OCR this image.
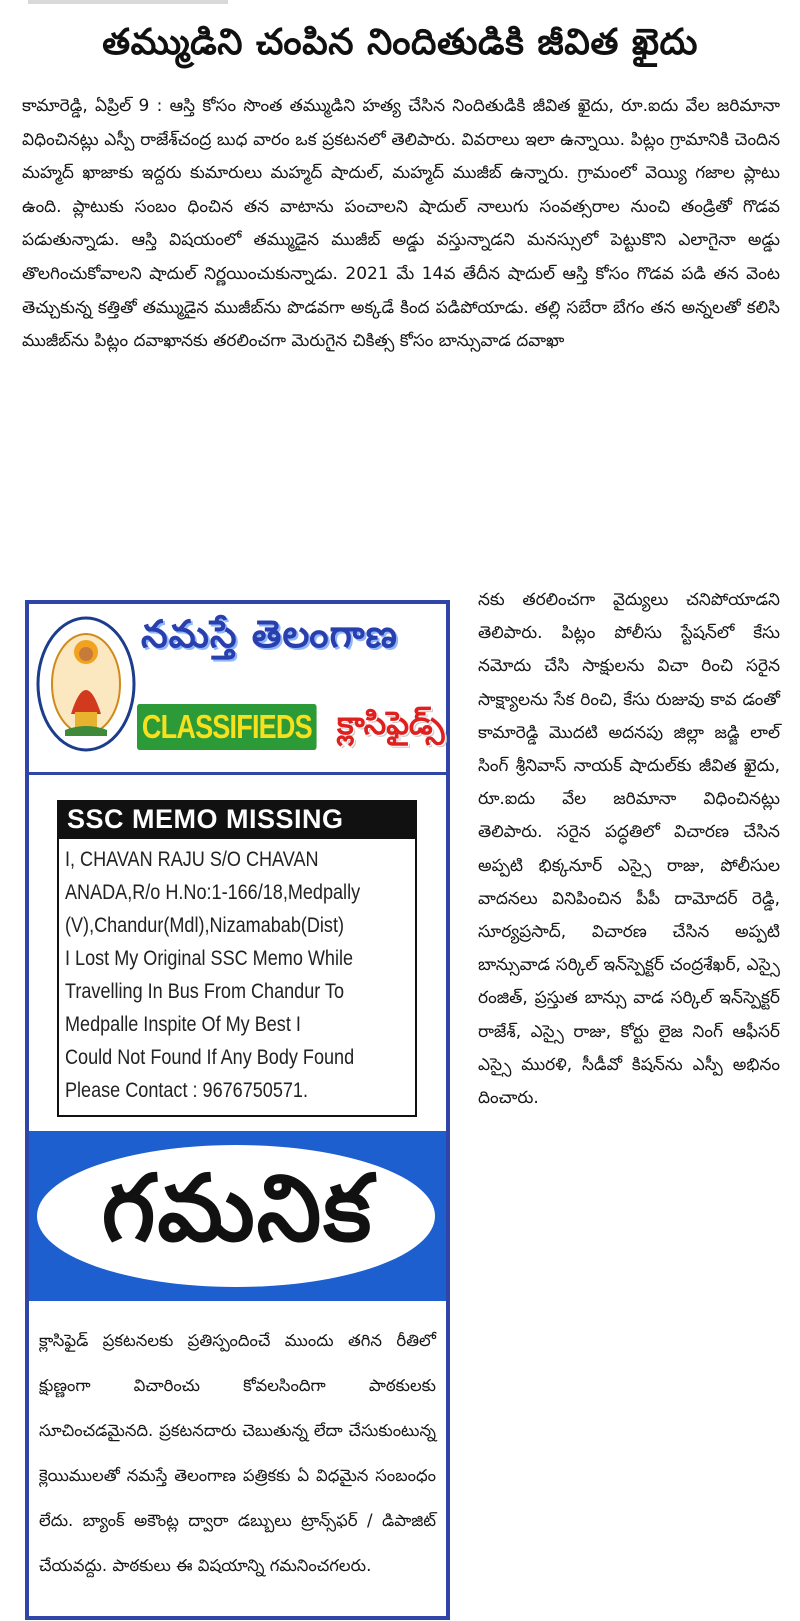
తమ్ముడిని చంపిన నిందితుడికి జీవిత ఖైదు
కామారెడ్డి, ఏప్రిల్ 9 : ఆస్తి కోసం సొంత తమ్ముడిని హత్య చేసిన నిందితుడికి జీవిత ఖైదు, రూ.ఐదు వేల జరిమానా విధించినట్లు ఎస్పీ రాజేశ్‌చంద్ర బుధ వారం ఒక ప్రకటనలో తెలిపారు. వివరాలు ఇలా ఉన్నాయి. పిట్లం గ్రామానికి చెందిన మహ్మద్ ఖాజాకు ఇద్దరు కుమారులు మహ్మద్ షాదుల్, మహ్మద్ ముజీబ్ ఉన్నారు. గ్రామంలో వెయ్యి గజాల ప్లాటు ఉంది. ప్లాటుకు సంబం ధించిన తన వాటాను పంచాలని షాదుల్ నాలుగు సంవత్సరాల నుంచి తండ్రితో గొడవ పడుతున్నాడు. ఆస్తి విషయంలో తమ్ముడైన ముజీబ్ అడ్డు వస్తున్నాడని మనస్సులో పెట్టుకొని ఎలాగైనా అడ్డు తొలగించుకోవాలని షాదుల్ నిర్ణయించుకున్నాడు. 2021 మే 14వ తేదీన షాదుల్ ఆస్తి కోసం గొడవ పడి తన వెంట తెచ్చుకున్న కత్తితో తమ్ముడైన ముజీబ్‌ను పొడవగా అక్కడే కింద పడిపోయాడు. తల్లి సబేరా బేగం తన అన్నలతో కలిసి ముజీబ్‌ను పిట్లం దవాఖానకు తరలించగా మెరుగైన చికిత్స కోసం బాన్సువాడ దవాఖా
నకు తరలించగా వైద్యులు చనిపోయాడని తెలిపారు. పిట్లం పోలీసు స్టేషన్‌లో కేసు నమోదు చేసి సాక్షులను విచా రించి సరైన సాక్ష్యాలను సేక రించి, కేసు రుజువు కావ డంతో కామారెడ్డి మొదటి అదనపు జిల్లా జడ్జి లాల్ సింగ్ శ్రీనివాస్ నాయక్ షాదుల్‌కు జీవిత ఖైదు, రూ.ఐదు వేల జరిమానా విధించినట్లు తెలిపారు. సరైన పద్ధతిలో విచారణ చేసిన అప్పటి భిక్కనూర్ ఎస్సై రాజు, పోలీసుల వాదనలు వినిపించిన పీపీ దామోదర్ రెడ్డి, సూర్యప్రసాద్, విచారణ చేసిన అప్పటి బాన్సువాడ సర్కిల్ ఇన్‌స్పెక్టర్ చంద్రశేఖర్, ఎస్సై రంజిత్, ప్రస్తుత బాన్సు వాడ సర్కిల్ ఇన్‌స్పెక్టర్ రాజేశ్, ఎస్సై రాజు, కోర్టు లైజ నింగ్ ఆఫీసర్ ఎస్సై మురళి, సీడీవో కిషన్‌ను ఎస్పీ అభినం దించారు.
నమస్తే తెలంగాణ
CLASSIFIEDS క్లాసిఫైడ్స్
SSC MEMO MISSING
I, CHAVAN RAJU S/O CHAVAN
ANADA,R/o H.No:1-166/18,Medpally
(V),Chandur(Mdl),Nizamabab(Dist)
I Lost My Original SSC Memo While
Travelling In Bus From Chandur To
Medpalle Inspite Of My Best I
Could Not Found If Any Body Found
Please Contact : 9676750571.
గమనిక
క్లాసిఫైడ్ ప్రకటనలకు ప్రతిస్పందించే ముందు తగిన రీతిలో క్షుణ్ణంగా విచారించు కోవలసిందిగా పాఠకులకు సూచించడమైనది. ప్రకటనదారు చెబుతున్న లేదా చేసుకుంటున్న క్లెయిములతో నమస్తే తెలంగాణ పత్రికకు ఏ విధమైన సంబంధం లేదు. బ్యాంక్ అకౌంట్ల ద్వారా డబ్బులు ట్రాన్స్‌ఫర్ / డిపాజిట్ చేయవద్దు. పాఠకులు ఈ విషయాన్ని గమనించగలరు.
